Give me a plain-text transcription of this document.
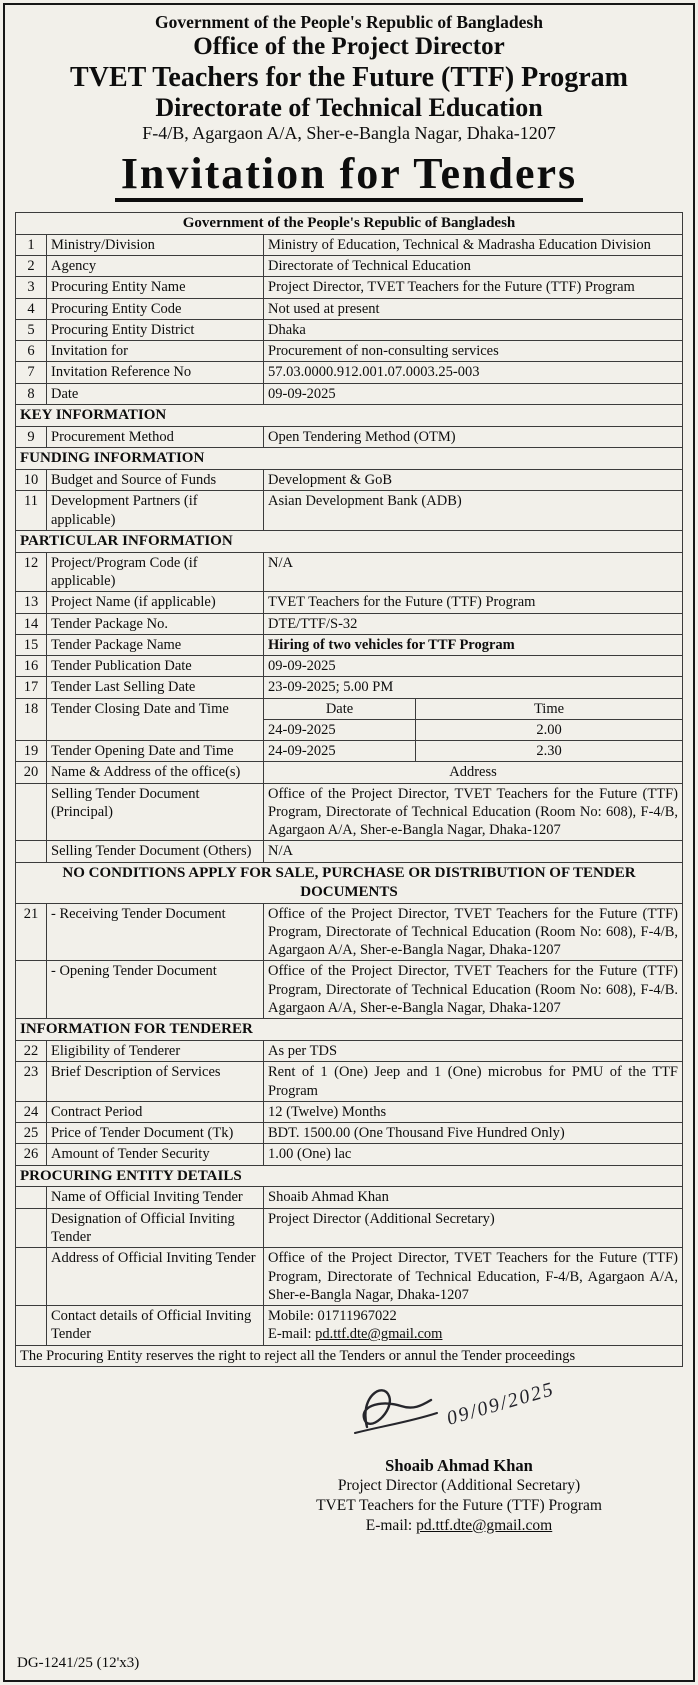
Government of the People's Republic of Bangladesh
Office of the Project Director
TVET Teachers for the Future (TTF) Program
Directorate of Technical Education
F-4/B, Agargaon A/A, Sher-e-Bangla Nagar, Dhaka-1207
Invitation for Tenders
Government of the People's Republic of Bangladesh			
1	Ministry/Division	Ministry of Education, Technical & Madrasha Education Division	
2	Agency	Directorate of Technical Education	
3	Procuring Entity Name	Project Director, TVET Teachers for the Future (TTF) Program	
4	Procuring Entity Code	Not used at present	
5	Procuring Entity District	Dhaka	
6	Invitation for	Procurement of non-consulting services	
7	Invitation Reference No	57.03.0000.912.001.07.0003.25-003	
8	Date	09-09-2025	
KEY INFORMATION			
9	Procurement Method	Open Tendering Method (OTM)	
FUNDING INFORMATION			
10	Budget and Source of Funds	Development & GoB	
11	Development Partners (if applicable)	Asian Development Bank (ADB)	
PARTICULAR INFORMATION			
12	Project/Program Code (if applicable)	N/A	
13	Project Name (if applicable)	TVET Teachers for the Future (TTF) Program	
14	Tender Package No.	DTE/TTF/S-32	
15	Tender Package Name	Hiring of two vehicles for TTF Program	
16	Tender Publication Date	09-09-2025	
17	Tender Last Selling Date	23-09-2025; 5.00 PM	
18	Tender Closing Date and Time	Date	Time
		24-09-2025	2.00
19	Tender Opening Date and Time	24-09-2025	2.30
20	Name & Address of the office(s)	Address	
	Selling Tender Document (Principal)	Office of the Project Director, TVET Teachers for the Future (TTF) Program, Directorate of Technical Education (Room No: 608), F-4/B, Agargaon A/A, Sher-e-Bangla Nagar, Dhaka-1207	
	Selling Tender Document (Others)	N/A	
NO CONDITIONS APPLY FOR SALE, PURCHASE OR DISTRIBUTION OF TENDER DOCUMENTS			
21	- Receiving Tender Document	Office of the Project Director, TVET Teachers for the Future (TTF) Program, Directorate of Technical Education (Room No: 608), F-4/B, Agargaon A/A, Sher-e-Bangla Nagar, Dhaka-1207	
	- Opening Tender Document	Office of the Project Director, TVET Teachers for the Future (TTF) Program, Directorate of Technical Education (Room No: 608), F-4/B. Agargaon A/A, Sher-e-Bangla Nagar, Dhaka-1207	
INFORMATION FOR TENDERER			
22	Eligibility of Tenderer	As per TDS	
23	Brief Description of Services	Rent of 1 (One) Jeep and 1 (One) microbus for PMU of the TTF Program	
24	Contract Period	12 (Twelve) Months	
25	Price of Tender Document (Tk)	BDT. 1500.00 (One Thousand Five Hundred Only)	
26	Amount of Tender Security	1.00 (One) lac	
PROCURING ENTITY DETAILS			
	Name of Official Inviting Tender	Shoaib Ahmad Khan	
	Designation of Official Inviting Tender	Project Director (Additional Secretary)	
	Address of Official Inviting Tender	Office of the Project Director, TVET Teachers for the Future (TTF) Program, Directorate of Technical Education, F-4/B, Agargaon A/A, Sher-e-Bangla Nagar, Dhaka-1207	
	Contact details of Official Inviting Tender	Mobile: 01711967022
E-mail: pd.ttf.dte@gmail.com	

The Procuring Entity reserves the right to reject all the Tenders or annul the Tender proceedings			
09/09/2025
Shoaib Ahmad Khan
Project Director (Additional Secretary)
TVET Teachers for the Future (TTF) Program
E-mail: pd.ttf.dte@gmail.com
DG-1241/25 (12'x3)
